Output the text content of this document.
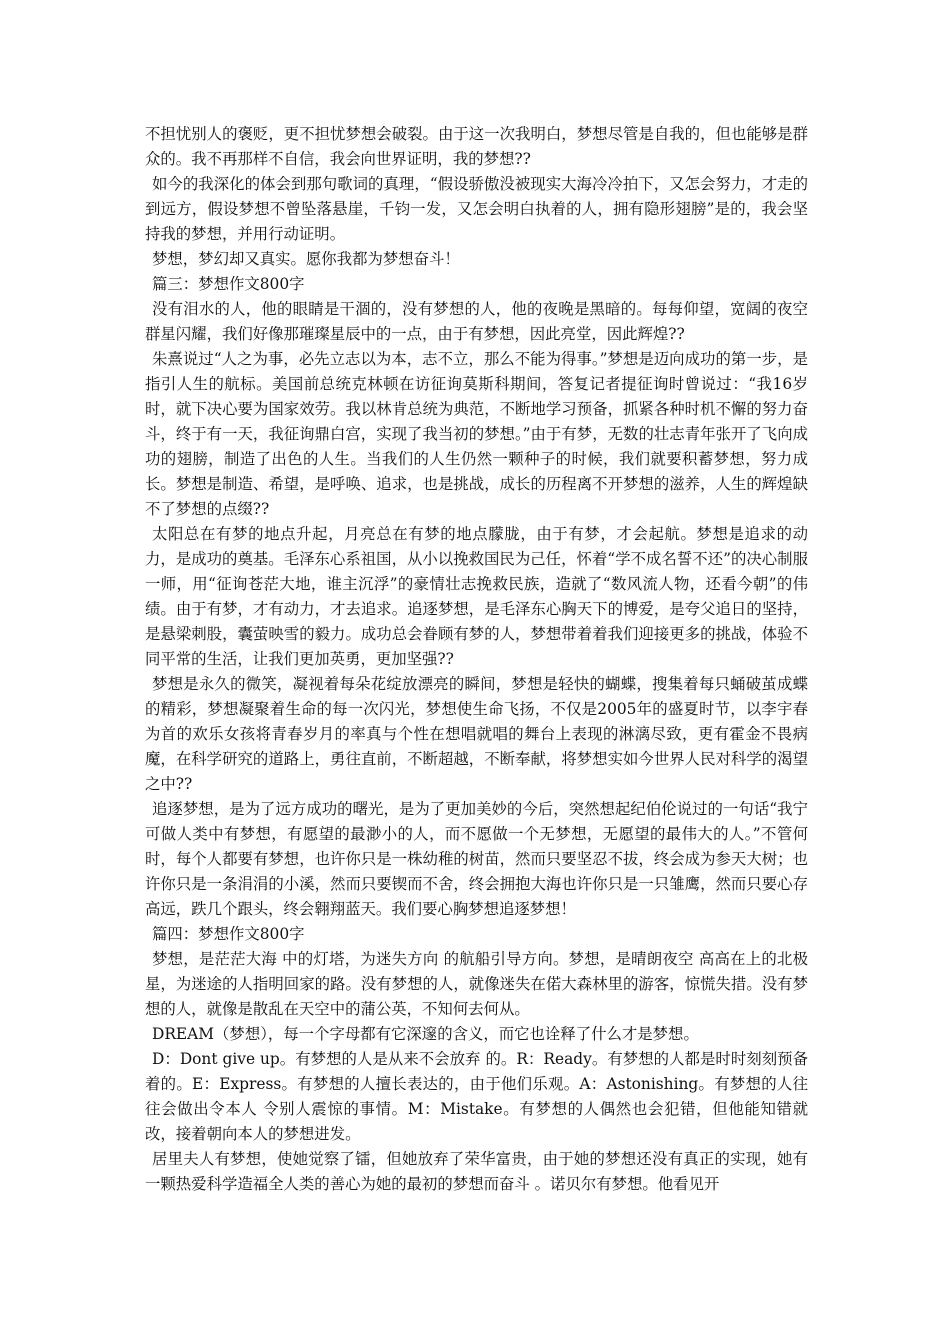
不担忧别人的褒贬，更不担忧梦想会破裂。由于这一次我明白，梦想尽管是自我的，但也能够是群众的。我不再那样不自信，我会向世界证明，我的梦想??

如今的我深化的体会到那句歌词的真理，“假设骄傲没被现实大海冷冷拍下，又怎会努力，才走的到远方，假设梦想不曾坠落悬崖，千钧一发，又怎会明白执着的人，拥有隐形翅膀”是的，我会坚持我的梦想，并用行动证明。

梦想，梦幻却又真实。愿你我都为梦想奋斗！

篇三：梦想作文800字

没有泪水的人，他的眼睛是干涸的，没有梦想的人，他的夜晚是黑暗的。每每仰望，宽阔的夜空群星闪耀，我们好像那璀璨星辰中的一点，由于有梦想，因此亮堂，因此辉煌??

朱熹说过“人之为事，必先立志以为本，志不立，那么不能为得事。”梦想是迈向成功的第一步，是指引人生的航标。美国前总统克林顿在访征询莫斯科期间，答复记者提征询时曾说过：“我16岁时，就下决心要为国家效劳。我以林肯总统为典范，不断地学习预备，抓紧各种时机不懈的努力奋斗，终于有一天，我征询鼎白宫，实现了我当初的梦想。”由于有梦，无数的壮志青年张开了飞向成功的翅膀，制造了出色的人生。当我们的人生仍然一颗种子的时候，我们就要积蓄梦想，努力成长。梦想是制造、希望，是呼唤、追求，也是挑战，成长的历程离不开梦想的滋养，人生的辉煌缺不了梦想的点缀??

太阳总在有梦的地点升起，月亮总在有梦的地点朦胧，由于有梦，才会起航。梦想是追求的动力，是成功的奠基。毛泽东心系祖国，从小以挽救国民为己任，怀着“学不成名誓不还”的决心制服一师，用“征询苍茫大地，谁主沉浮”的豪情壮志挽救民族，造就了“数风流人物，还看今朝”的伟绩。由于有梦，才有动力，才去追求。追逐梦想，是毛泽东心胸天下的博爱，是夸父追日的坚持，是悬梁刺股，囊萤映雪的毅力。成功总会眷顾有梦的人，梦想带着着我们迎接更多的挑战，体验不同平常的生活，让我们更加英勇，更加坚强??

梦想是永久的微笑，凝视着每朵花绽放漂亮的瞬间，梦想是轻快的蝴蝶，搜集着每只蛹破茧成蝶的精彩，梦想凝聚着生命的每一次闪光，梦想使生命飞扬，不仅是2005年的盛夏时节，以李宇春为首的欢乐女孩将青春岁月的率真与个性在想唱就唱的舞台上表现的淋漓尽致，更有霍金不畏病魔，在科学研究的道路上，勇往直前，不断超越，不断奉献，将梦想实如今世界人民对科学的渴望之中??

追逐梦想，是为了远方成功的曙光，是为了更加美妙的今后，突然想起纪伯伦说过的一句话“我宁可做人类中有梦想，有愿望的最渺小的人，而不愿做一个无梦想，无愿望的最伟大的人。”不管何时，每个人都要有梦想，也许你只是一株幼稚的树苗，然而只要坚忍不拔，终会成为参天大树；也许你只是一条涓涓的小溪，然而只要锲而不舍，终会拥抱大海也许你只是一只雏鹰，然而只要心存高远，跌几个跟头，终会翱翔蓝天。我们要心胸梦想追逐梦想！

篇四：梦想作文800字

梦想，是茫茫大海 中的灯塔，为迷失方向 的航船引导方向。梦想，是晴朗夜空 高高在上的北极星，为迷途的人指明回家的路。没有梦想的人，就像迷失在偌大森林里的游客，惊慌失措。没有梦想的人，就像是散乱在天空中的蒲公英，不知何去何从。

DREAM（梦想），每一个字母都有它深邃的含义，而它也诠释了什么才是梦想。

D：Dont give up。有梦想的人是从来不会放弃 的。R：Ready。有梦想的人都是时时刻刻预备着的。E：Express。有梦想的人擅长表达的，由于他们乐观。A：Astonishing。有梦想的人往往会做出令本人 令别人震惊的事情。M：Mistake。有梦想的人偶然也会犯错，但他能知错就改，接着朝向本人的梦想进发。

居里夫人有梦想，使她觉察了镭，但她放弃了荣华富贵，由于她的梦想还没有真正的实现，她有一颗热爱科学造福全人类的善心为她的最初的梦想而奋斗 。诺贝尔有梦想。他看见开
